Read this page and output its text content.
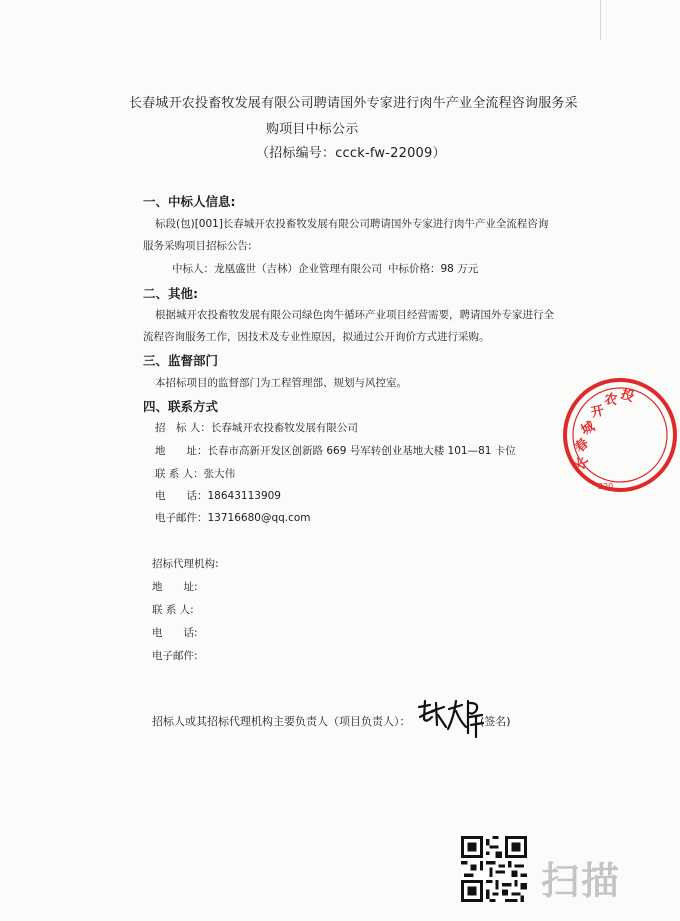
长春城开农投畜牧发展有限公司聘请国外专家进行肉牛产业全流程咨询服务采
购项目中标公示
（招标编号：ccck-fw-22009）
一、中标人信息:
标段(包)[001]长春城开农投畜牧发展有限公司聘请国外专家进行肉牛产业全流程咨询
服务采购项目招标公告:
中标人：龙凰盛世（吉林）企业管理有限公司 中标价格：98 万元
二、其他:
根据城开农投畜牧发展有限公司绿色肉牛循环产业项目经营需要，聘请国外专家进行全
流程咨询服务工作，因技术及专业性原因，拟通过公开询价方式进行采购。
三、监督部门
本招标项目的监督部门为工程管理部、规划与风控室。
四、联系方式
招　标 人：长春城开农投畜牧发展有限公司
地　　址：长春市高新开发区创新路 669 号军转创业基地大楼 101—81 卡位
联 系 人：张大伟
电　　话：18643113909
电子邮件：13716680@qq.com
招标代理机构:
地　　址:
联 系 人:
电　　话:
电子邮件:
招标人或其招标代理机构主要负责人（项目负责人）：	(签名)
长
春
城
开
农 投
220
扫描
